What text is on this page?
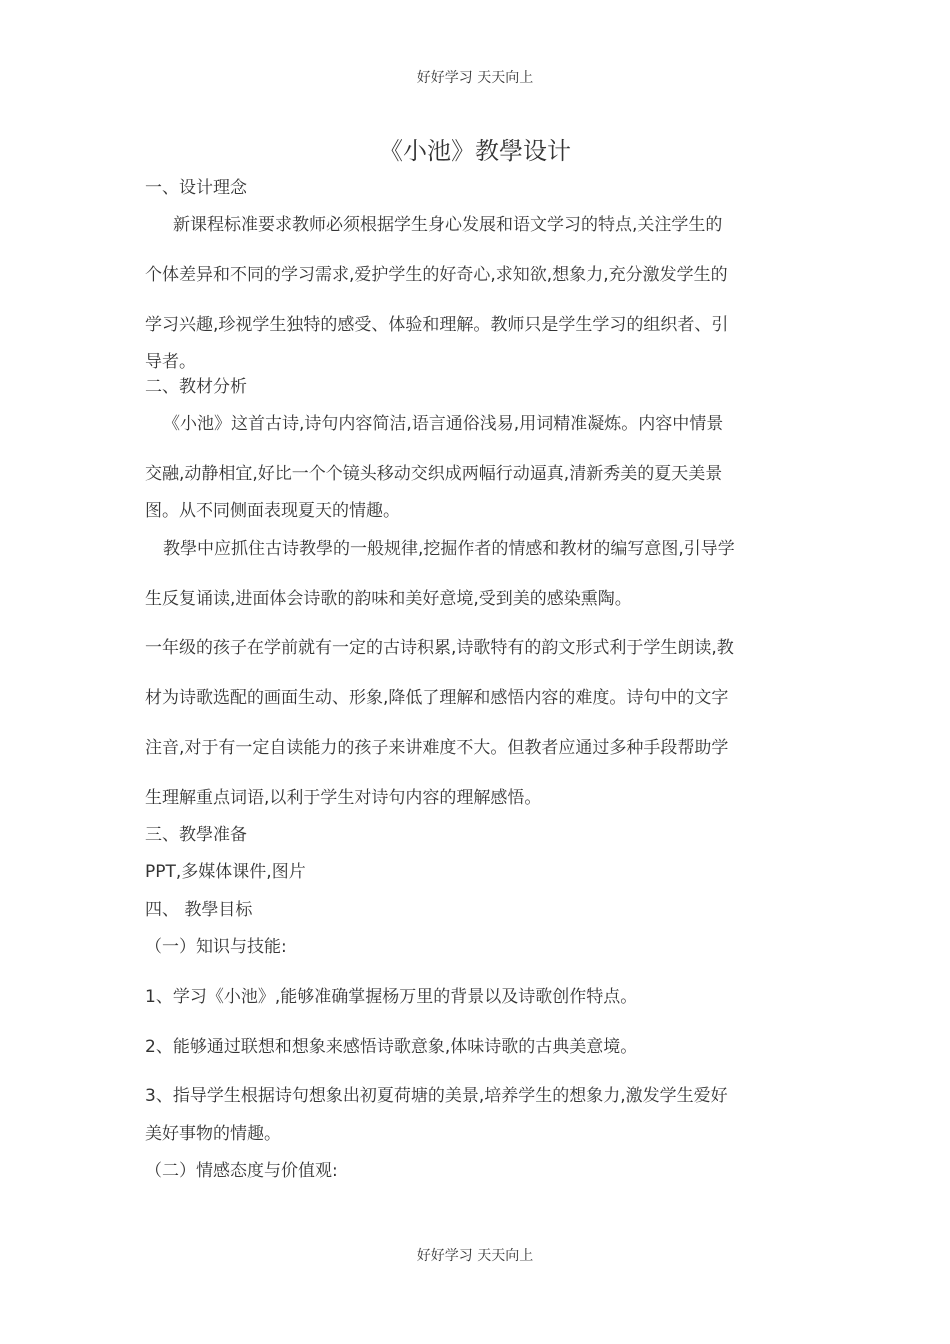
好好学习 天天向上
《小池》教學设计
一、设计理念
新课程标准要求教师必须根据学生身心发展和语文学习的特点,关注学生的
个体差异和不同的学习需求,爱护学生的好奇心,求知欲,想象力,充分激发学生的
学习兴趣,珍视学生独特的感受、体验和理解。教师只是学生学习的组织者、引
导者。
二、教材分析
《小池》这首古诗,诗句内容简洁,语言通俗浅易,用词精准凝炼。内容中情景
交融,动静相宜,好比一个个镜头移动交织成两幅行动逼真,清新秀美的夏天美景
图。从不同侧面表现夏天的情趣。
教學中应抓住古诗教學的一般规律,挖掘作者的情感和教材的编写意图,引导学
生反复诵读,进面体会诗歌的韵味和美好意境,受到美的感染熏陶。
一年级的孩子在学前就有一定的古诗积累,诗歌特有的韵文形式利于学生朗读,教
材为诗歌选配的画面生动、形象,降低了理解和感悟内容的难度。诗句中的文字
注音,对于有一定自读能力的孩子来讲难度不大。但教者应通过多种手段帮助学
生理解重点词语,以利于学生对诗句内容的理解感悟。
三、教學准备
PPT,多媒体课件,图片
四、 教學目标
（一）知识与技能:
1、学习《小池》,能够准确掌握杨万里的背景以及诗歌创作特点。
2、能够通过联想和想象来感悟诗歌意象,体味诗歌的古典美意境。
3、指导学生根据诗句想象出初夏荷塘的美景,培养学生的想象力,激发学生爱好
美好事物的情趣。
（二）情感态度与价值观:
好好学习 天天向上
